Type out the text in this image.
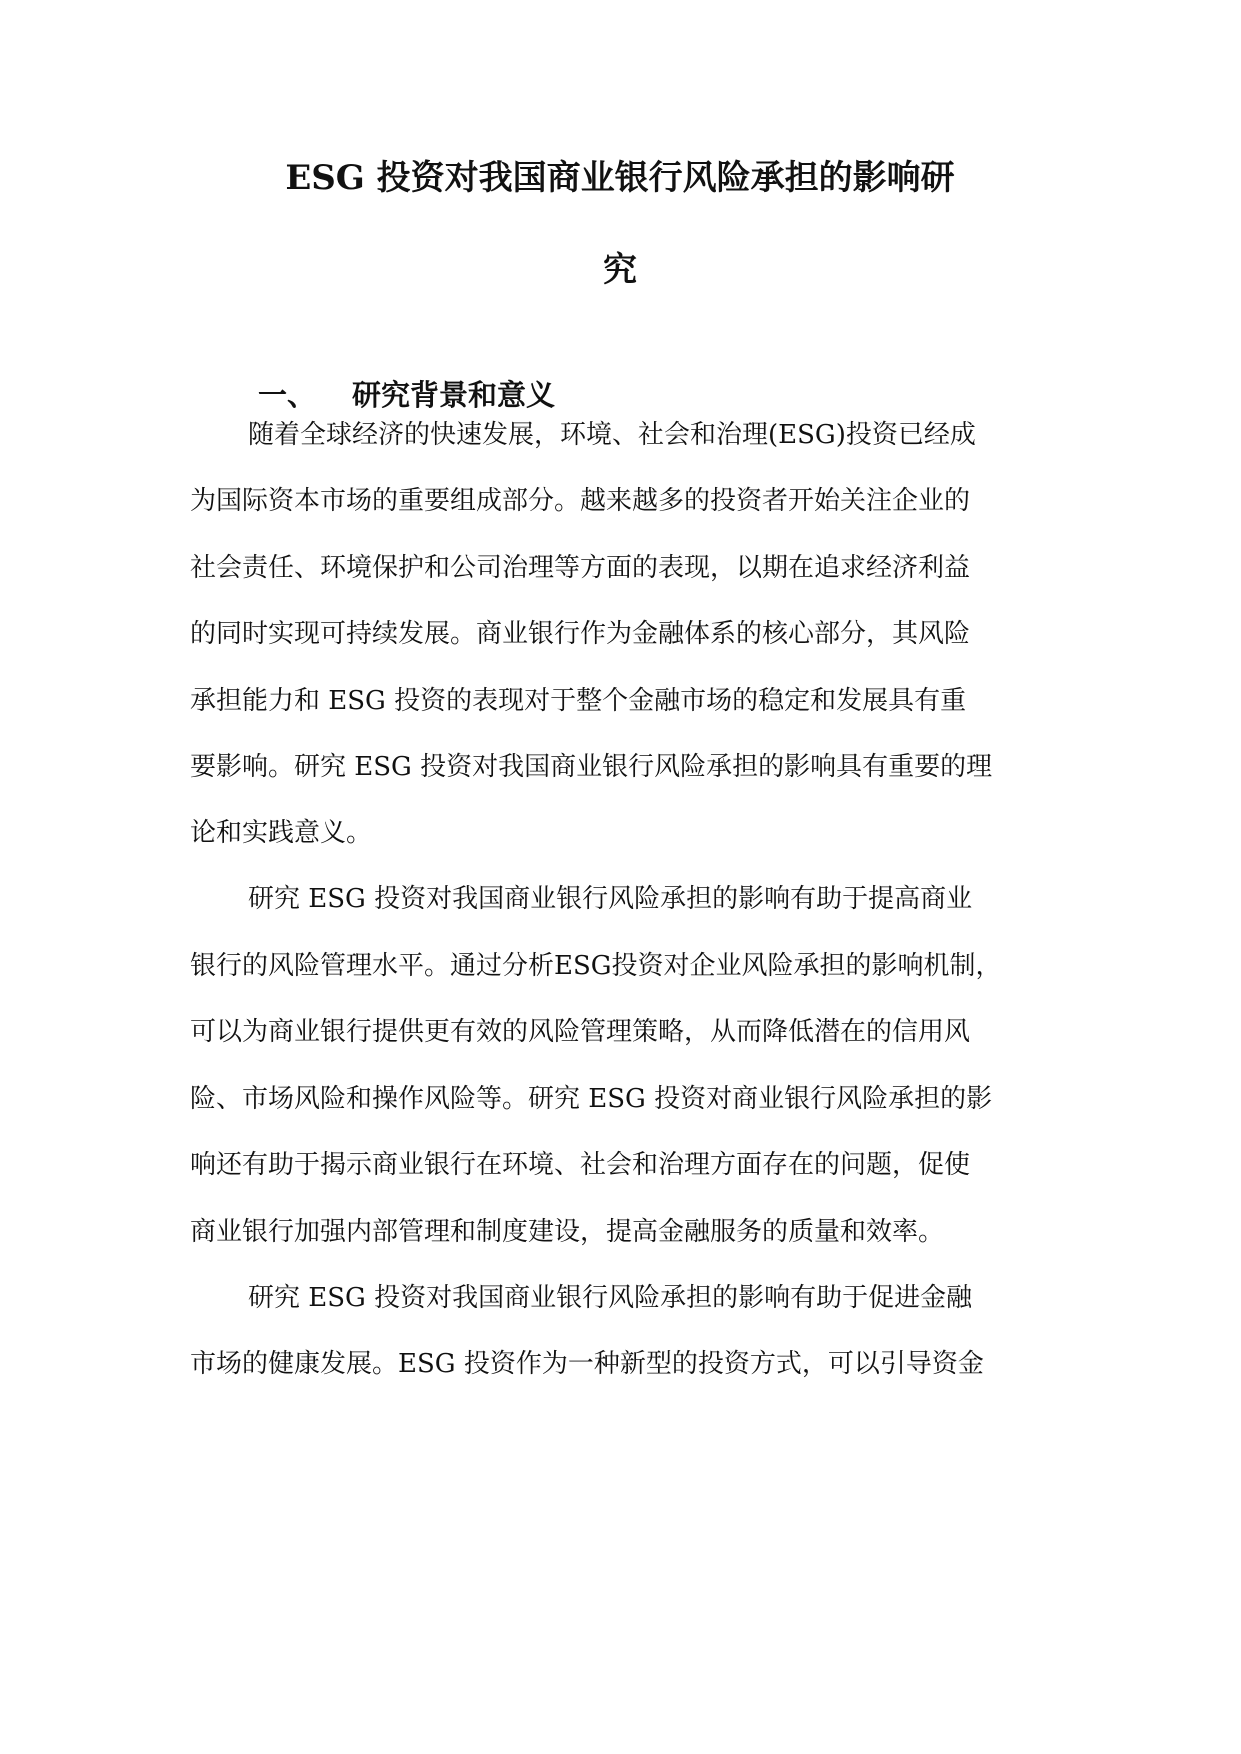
ESG 投资对我国商业银行风险承担的影响研
究
一、 研究背景和意义

随着全球经济的快速发展，环境、社会和治理(ESG)投资已经成

为国际资本市场的重要组成部分。越来越多的投资者开始关注企业的

社会责任、环境保护和公司治理等方面的表现，以期在追求经济利益

的同时实现可持续发展。商业银行作为金融体系的核心部分，其风险

承担能力和 ESG 投资的表现对于整个金融市场的稳定和发展具有重

要影响。研究 ESG 投资对我国商业银行风险承担的影响具有重要的理

论和实践意义。

研究 ESG 投资对我国商业银行风险承担的影响有助于提高商业

银行的风险管理水平。通过分析ESG投资对企业风险承担的影响机制，

可以为商业银行提供更有效的风险管理策略，从而降低潜在的信用风

险、市场风险和操作风险等。研究 ESG 投资对商业银行风险承担的影

响还有助于揭示商业银行在环境、社会和治理方面存在的问题，促使

商业银行加强内部管理和制度建设，提高金融服务的质量和效率。

研究 ESG 投资对我国商业银行风险承担的影响有助于促进金融

市场的健康发展。ESG 投资作为一种新型的投资方式，可以引导资金
